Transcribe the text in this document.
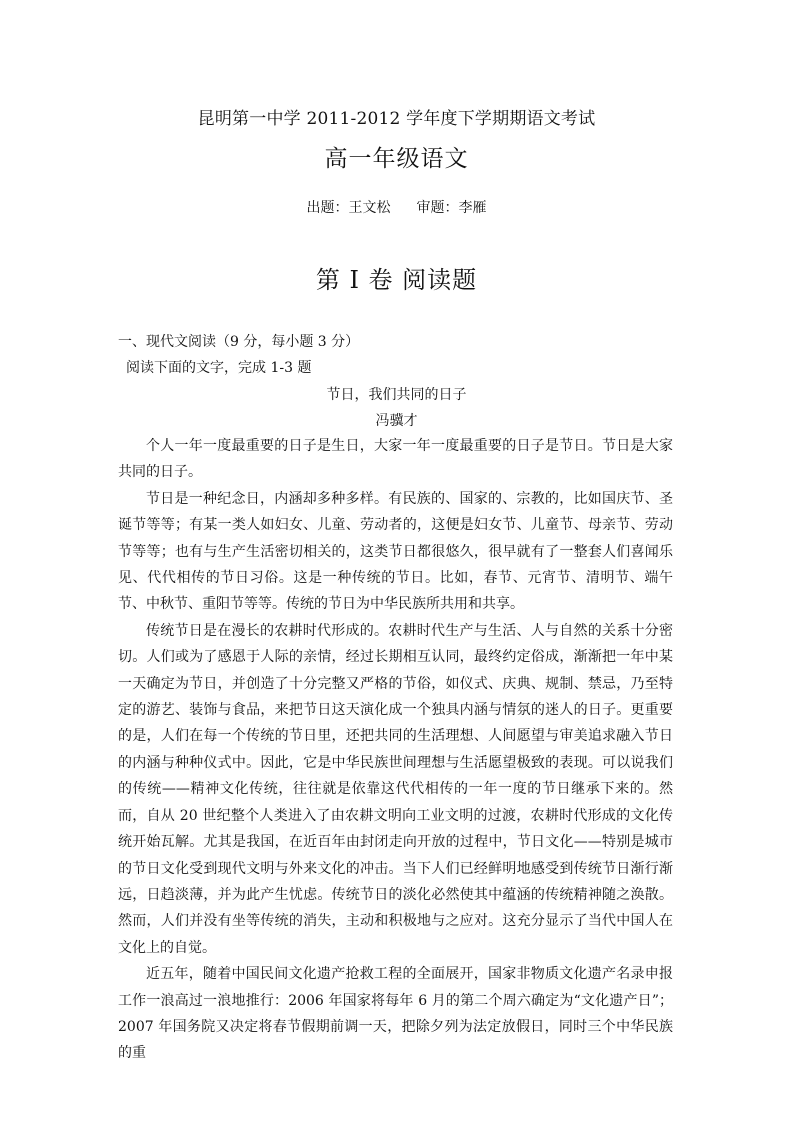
昆明第一中学 2011-2012 学年度下学期期语文考试
高一年级语文
出题：王文松 审题：李雁
第 I 卷 阅读题
一、现代文阅读（9 分，每小题 3 分）
阅读下面的文字，完成 1-3 题
节日，我们共同的日子
冯骥才

个人一年一度最重要的日子是生日，大家一年一度最重要的日子是节日。节日是大家共同的日子。

节日是一种纪念日，内涵却多种多样。有民族的、国家的、宗教的，比如国庆节、圣诞节等等；有某一类人如妇女、儿童、劳动者的，这便是妇女节、儿童节、母亲节、劳动节等等；也有与生产生活密切相关的，这类节日都很悠久，很早就有了一整套人们喜闻乐见、代代相传的节日习俗。这是一种传统的节日。比如，春节、元宵节、清明节、端午节、中秋节、重阳节等等。传统的节日为中华民族所共用和共享。

传统节日是在漫长的农耕时代形成的。农耕时代生产与生活、人与自然的关系十分密切。人们或为了感恩于人际的亲情，经过长期相互认同，最终约定俗成，渐渐把一年中某一天确定为节日，并创造了十分完整又严格的节俗，如仪式、庆典、规制、禁忌，乃至特定的游艺、装饰与食品，来把节日这天演化成一个独具内涵与情氛的迷人的日子。更重要的是，人们在每一个传统的节日里，还把共同的生活理想、人间愿望与审美追求融入节日的内涵与种种仪式中。因此，它是中华民族世间理想与生活愿望极致的表现。可以说我们的传统——精神文化传统，往往就是依靠这代代相传的一年一度的节日继承下来的。然而，自从 20 世纪整个人类进入了由农耕文明向工业文明的过渡，农耕时代形成的文化传统开始瓦解。尤其是我国，在近百年由封闭走向开放的过程中，节日文化——特别是城市的节日文化受到现代文明与外来文化的冲击。当下人们已经鲜明地感受到传统节日渐行渐远，日趋淡薄，并为此产生忧虑。传统节日的淡化必然使其中蕴涵的传统精神随之涣散。然而，人们并没有坐等传统的消失，主动和积极地与之应对。这充分显示了当代中国人在文化上的自觉。

近五年，随着中国民间文化遗产抢救工程的全面展开，国家非物质文化遗产名录申报工作一浪高过一浪地推行：2006 年国家将每年 6 月的第二个周六确定为“文化遗产日”；2007 年国务院又决定将春节假期前调一天，把除夕列为法定放假日，同时三个中华民族的重
